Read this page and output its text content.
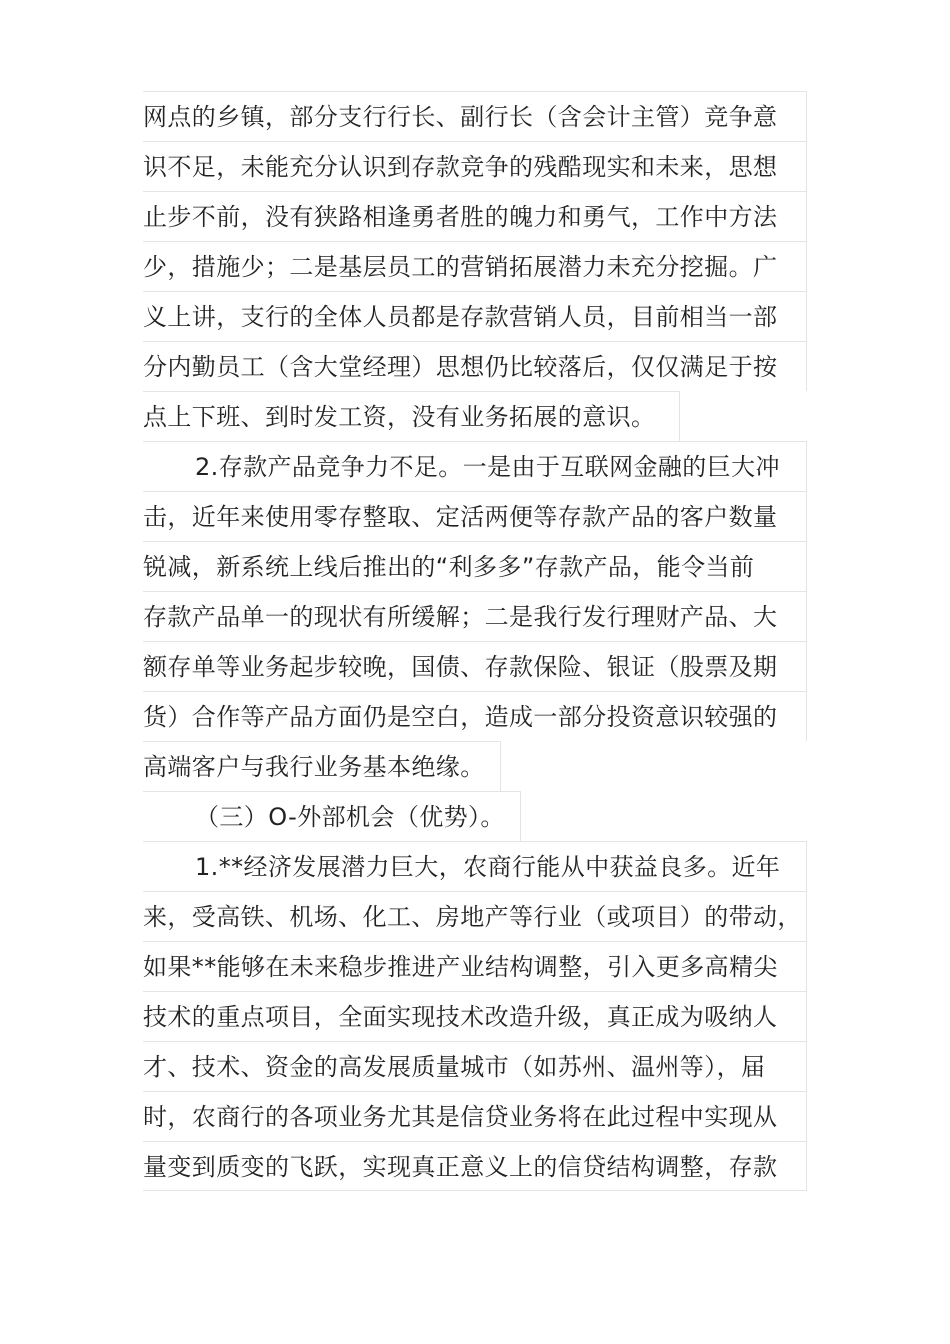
网点的乡镇，部分支行行长、副行长（含会计主管）竞争意
识不足，未能充分认识到存款竞争的残酷现实和未来，思想
止步不前，没有狭路相逢勇者胜的魄力和勇气，工作中方法
少，措施少；二是基层员工的营销拓展潜力未充分挖掘。广
义上讲，支行的全体人员都是存款营销人员，目前相当一部
分内勤员工（含大堂经理）思想仍比较落后，仅仅满足于按
点上下班、到时发工资，没有业务拓展的意识。
2.存款产品竞争力不足。一是由于互联网金融的巨大冲
击，近年来使用零存整取、定活两便等存款产品的客户数量
锐减，新系统上线后推出的“利多多”存款产品，能令当前
存款产品单一的现状有所缓解；二是我行发行理财产品、大
额存单等业务起步较晚，国债、存款保险、银证（股票及期
货）合作等产品方面仍是空白，造成一部分投资意识较强的
高端客户与我行业务基本绝缘。
（三）O-外部机会（优势）。
1.**经济发展潜力巨大，农商行能从中获益良多。近年
来，受高铁、机场、化工、房地产等行业（或项目）的带动，
如果**能够在未来稳步推进产业结构调整，引入更多高精尖
技术的重点项目，全面实现技术改造升级，真正成为吸纳人
才、技术、资金的高发展质量城市（如苏州、温州等），届
时，农商行的各项业务尤其是信贷业务将在此过程中实现从
量变到质变的飞跃，实现真正意义上的信贷结构调整，存款
